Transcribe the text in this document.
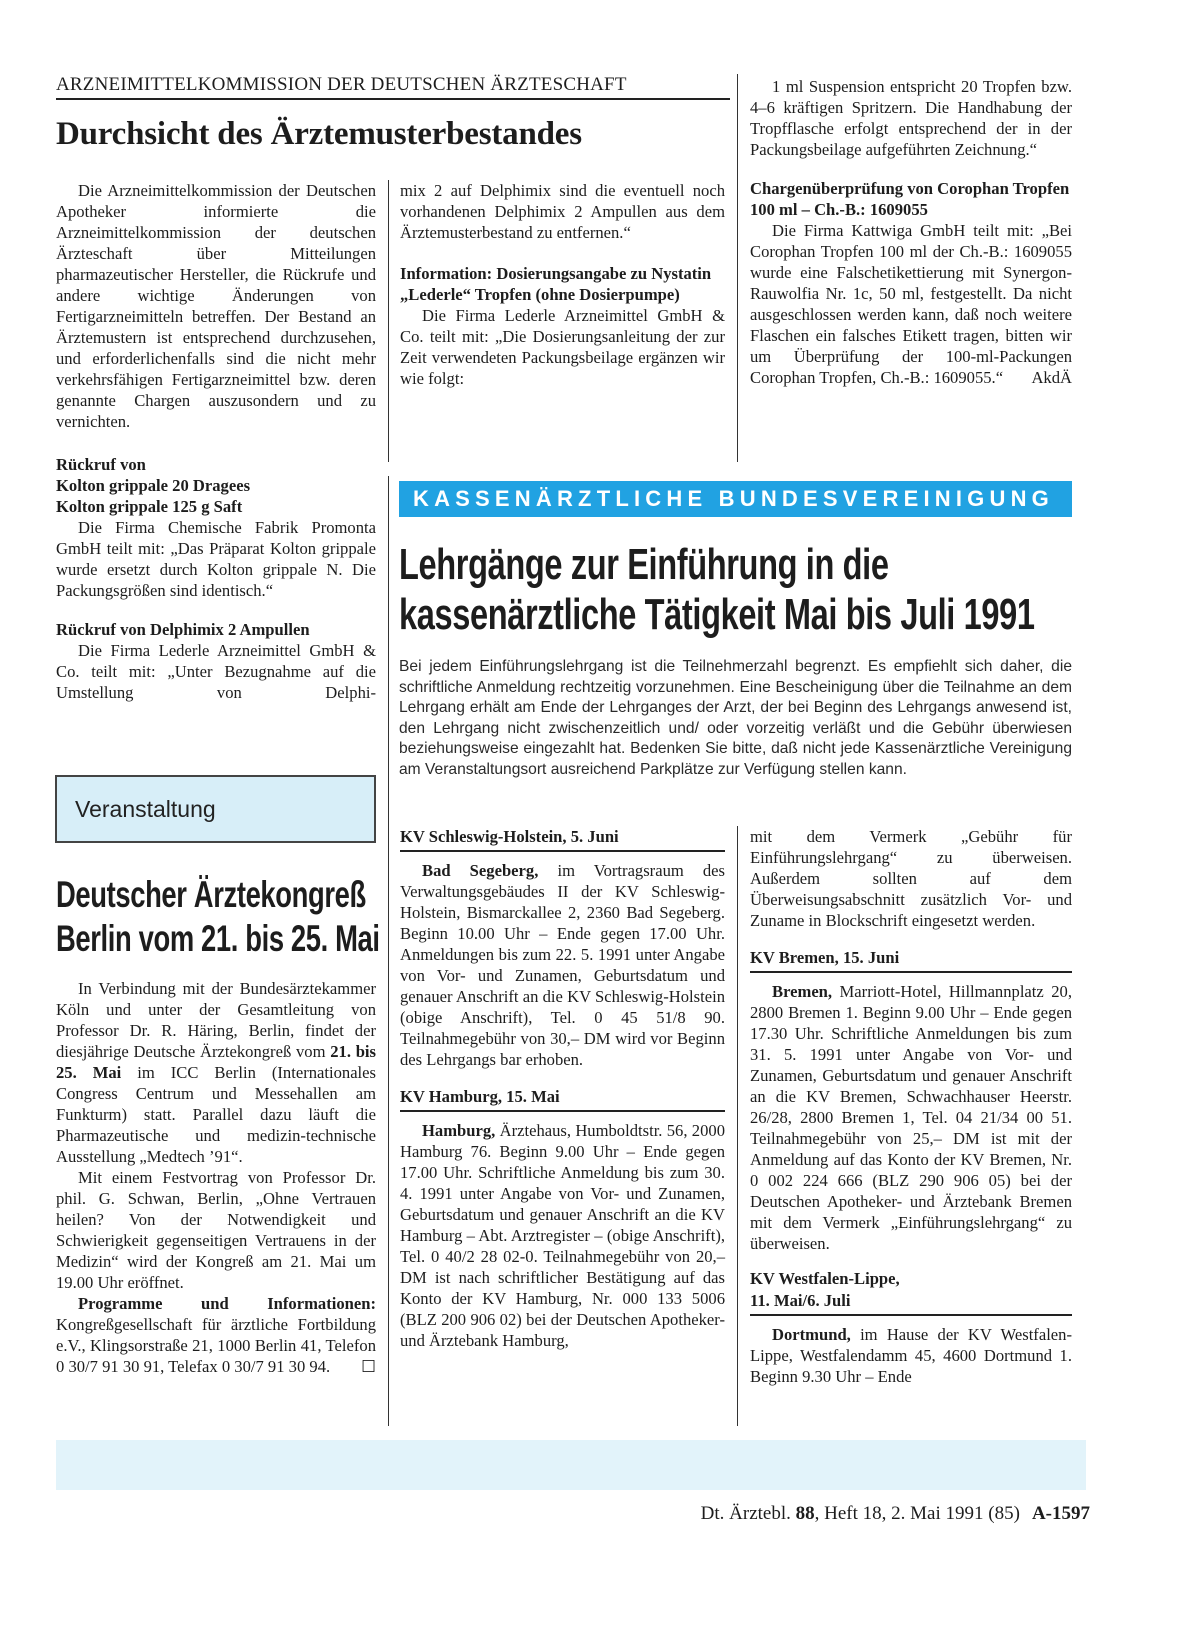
ARZNEIMITTELKOMMISSION DER DEUTSCHEN ÄRZTESCHAFT
Durchsicht des Ärztemusterbestandes

Die Arzneimittelkommission der Deutschen Apotheker informierte die Arzneimittelkommission der deutschen Ärzteschaft über Mitteilungen pharmazeutischer Hersteller, die Rückrufe und andere wichtige Änderungen von Fertigarzneimitteln betreffen. Der Bestand an Ärztemustern ist entsprechend durchzusehen, und erforderlichenfalls sind die nicht mehr verkehrsfähigen Fertigarzneimittel bzw. deren genannte Chargen auszusondern und zu vernichten.

Rückruf von

Kolton grippale 20 Dragees

Kolton grippale 125 g Saft

Die Firma Chemische Fabrik Promonta GmbH teilt mit: „Das Präparat Kolton grippale wurde ersetzt durch Kolton grippale N. Die Packungsgrößen sind identisch.“

Rückruf von Delphimix 2 Ampullen

Die Firma Lederle Arzneimittel GmbH & Co. teilt mit: „Unter Bezugnahme auf die Umstellung von Delphi-

mix 2 auf Delphimix sind die eventuell noch vorhandenen Delphimix 2 Ampullen aus dem Ärztemusterbestand zu entfernen.“

Information: Dosierungsangabe zu Nystatin „Lederle“ Tropfen (ohne Dosierpumpe)

Die Firma Lederle Arzneimittel GmbH & Co. teilt mit: „Die Dosierungsanleitung der zur Zeit verwendeten Packungsbeilage ergänzen wir wie folgt:

1 ml Suspension entspricht 20 Tropfen bzw. 4–6 kräftigen Spritzern. Die Handhabung der Tropfflasche erfolgt entsprechend der in der Packungsbeilage aufgeführten Zeichnung.“

Chargenüberprüfung von Corophan Tropfen 100 ml – Ch.-B.: 1609055

Die Firma Kattwiga GmbH teilt mit: „Bei Corophan Tropfen 100 ml der Ch.-B.: 1609055 wurde eine Falschetikettierung mit Synergon-Rauwolfia Nr. 1c, 50 ml, festgestellt. Da nicht ausgeschlossen werden kann, daß noch weitere Flaschen ein falsches Etikett tragen, bitten wir um Überprüfung der 100-ml-Packungen Corophan Tropfen, Ch.-B.: 1609055.“	AkdÄ

Veranstaltung
Deutscher Ärztekongreß
Berlin vom 21. bis 25. Mai

In Verbindung mit der Bundesärztekammer Köln und unter der Gesamtleitung von Professor Dr. R. Häring, Berlin, findet der diesjährige Deutsche Ärztekongreß vom 21. bis 25. Mai im ICC Berlin (Internationales Congress Centrum und Messehallen am Funkturm) statt. Parallel dazu läuft die Pharmazeutische und medizin-technische Ausstellung „Medtech ’91“.

Mit einem Festvortrag von Professor Dr. phil. G. Schwan, Berlin, „Ohne Vertrauen heilen? Von der Notwendigkeit und Schwierigkeit gegenseitigen Vertrauens in der Medizin“ wird der Kongreß am 21. Mai um 19.00 Uhr eröffnet.

Programme und Informationen: Kongreßgesellschaft für ärztliche Fortbildung e.V., Klingsorstraße 21, 1000 Berlin 41, Telefon 0 30/7 91 30 91, Telefax 0 30/7 91 30 94.	☐

KASSENÄRZTLICHE BUNDESVEREINIGUNG
Lehrgänge zur Einführung in die
kassenärztliche Tätigkeit Mai bis Juli 1991
Bei jedem Einführungslehrgang ist die Teilnehmerzahl begrenzt. Es empfiehlt sich daher, die schriftliche Anmeldung rechtzeitig vorzunehmen. Eine Bescheinigung über die Teilnahme an dem Lehrgang erhält am Ende der Lehrganges der Arzt, der bei Beginn des Lehrgangs anwesend ist, den Lehrgang nicht zwischenzeitlich und/ oder vorzeitig verläßt und die Gebühr überwiesen beziehungsweise eingezahlt hat. Bedenken Sie bitte, daß nicht jede Kassenärztliche Vereinigung am Veranstaltungsort ausreichend Parkplätze zur Verfügung stellen kann.
KV Schleswig-Holstein, 5. Juni

Bad Segeberg, im Vortragsraum des Verwaltungsgebäudes II der KV Schleswig-Holstein, Bismarckallee 2, 2360 Bad Segeberg. Beginn 10.00 Uhr – Ende gegen 17.00 Uhr. Anmeldungen bis zum 22. 5. 1991 unter Angabe von Vor- und Zunamen, Geburtsdatum und genauer Anschrift an die KV Schleswig-Holstein (obige Anschrift), Tel. 0 45 51/8 90. Teilnahmegebühr von 30,– DM wird vor Beginn des Lehrgangs bar erhoben.

KV Hamburg, 15. Mai

Hamburg, Ärztehaus, Humboldtstr. 56, 2000 Hamburg 76. Beginn 9.00 Uhr – Ende gegen 17.00 Uhr. Schriftliche Anmeldung bis zum 30. 4. 1991 unter Angabe von Vor- und Zunamen, Geburtsdatum und genauer Anschrift an die KV Hamburg – Abt. Arztregister – (obige Anschrift), Tel. 0 40/2 28 02-0. Teilnahmegebühr von 20,– DM ist nach schriftlicher Bestätigung auf das Konto der KV Hamburg, Nr. 000 133 5006 (BLZ 200 906 02) bei der Deutschen Apotheker- und Ärztebank Hamburg,

mit dem Vermerk „Gebühr für Einführungslehrgang“ zu überweisen. Außerdem sollten auf dem Überweisungsabschnitt zusätzlich Vor- und Zuname in Blockschrift eingesetzt werden.

KV Bremen, 15. Juni

Bremen, Marriott-Hotel, Hillmannplatz 20, 2800 Bremen 1. Beginn 9.00 Uhr – Ende gegen 17.30 Uhr. Schriftliche Anmeldungen bis zum 31. 5. 1991 unter Angabe von Vor- und Zunamen, Geburtsdatum und genauer Anschrift an die KV Bremen, Schwachhauser Heerstr. 26/28, 2800 Bremen 1, Tel. 04 21/34 00 51. Teilnahmegebühr von 25,– DM ist mit der Anmeldung auf das Konto der KV Bremen, Nr. 0 002 224 666 (BLZ 290 906 05) bei der Deutschen Apotheker- und Ärztebank Bremen mit dem Vermerk „Einführungslehrgang“ zu überweisen.

KV Westfalen-Lippe,
11. Mai/6. Juli

Dortmund, im Hause der KV Westfalen-Lippe, Westfalendamm 45, 4600 Dortmund 1. Beginn 9.30 Uhr – Ende

Dt. Ärztebl. 88, Heft 18, 2. Mai 1991 (85) A-1597
